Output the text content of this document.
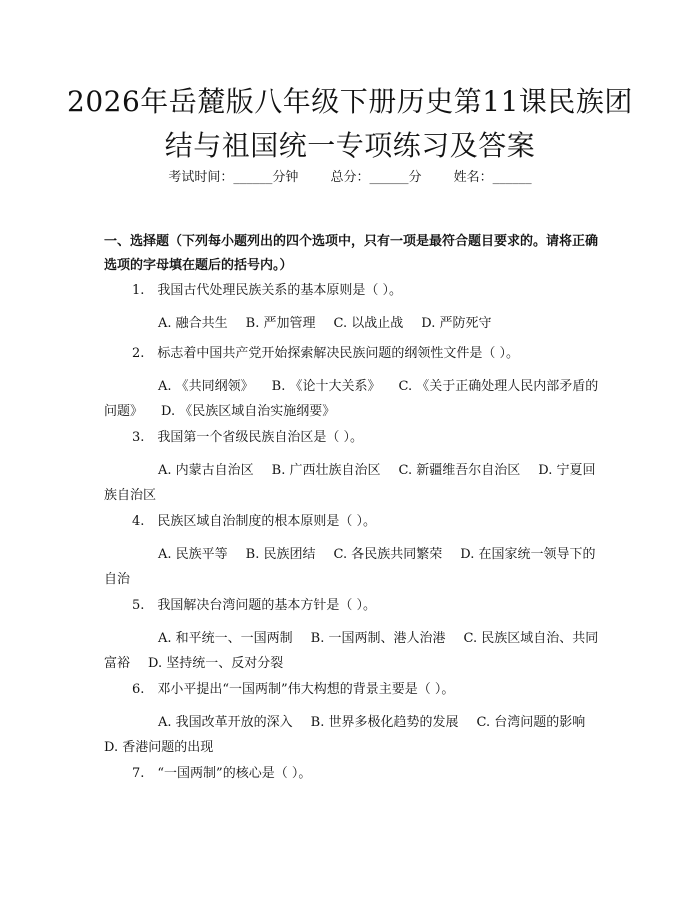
2026年岳麓版八年级下册历史第11课民族团结与祖国统一专项练习及答案
考试时间：______分钟 总分：______分 姓名：______

一、选择题（下列每小题列出的四个选项中，只有一项是最符合题目要求的。请将正确选项的字母填在题后的括号内。）

1.　我国古代处理民族关系的基本原则是（ ）。
A. 融合共生 B. 严加管理 C. 以战止战 D. 严防死守
2.　标志着中国共产党开始探索解决民族问题的纲领性文件是（ ）。
A. 《共同纲领》 B. 《论十大关系》 C. 《关于正确处理人民内部矛盾的问题》 D. 《民族区域自治实施纲要》
3.　我国第一个省级民族自治区是（ ）。
A. 内蒙古自治区 B. 广西壮族自治区 C. 新疆维吾尔自治区 D. 宁夏回族自治区
4.　民族区域自治制度的根本原则是（ ）。
A. 民族平等 B. 民族团结 C. 各民族共同繁荣 D. 在国家统一领导下的自治
5.　我国解决台湾问题的基本方针是（ ）。
A. 和平统一、一国两制 B. 一国两制、港人治港 C. 民族区域自治、共同富裕 D. 坚持统一、反对分裂
6.　邓小平提出“一国两制”伟大构想的背景主要是（ ）。
A. 我国改革开放的深入 B. 世界多极化趋势的发展 C. 台湾问题的影响D. 香港问题的出现
7.　“一国两制”的核心是（ ）。
